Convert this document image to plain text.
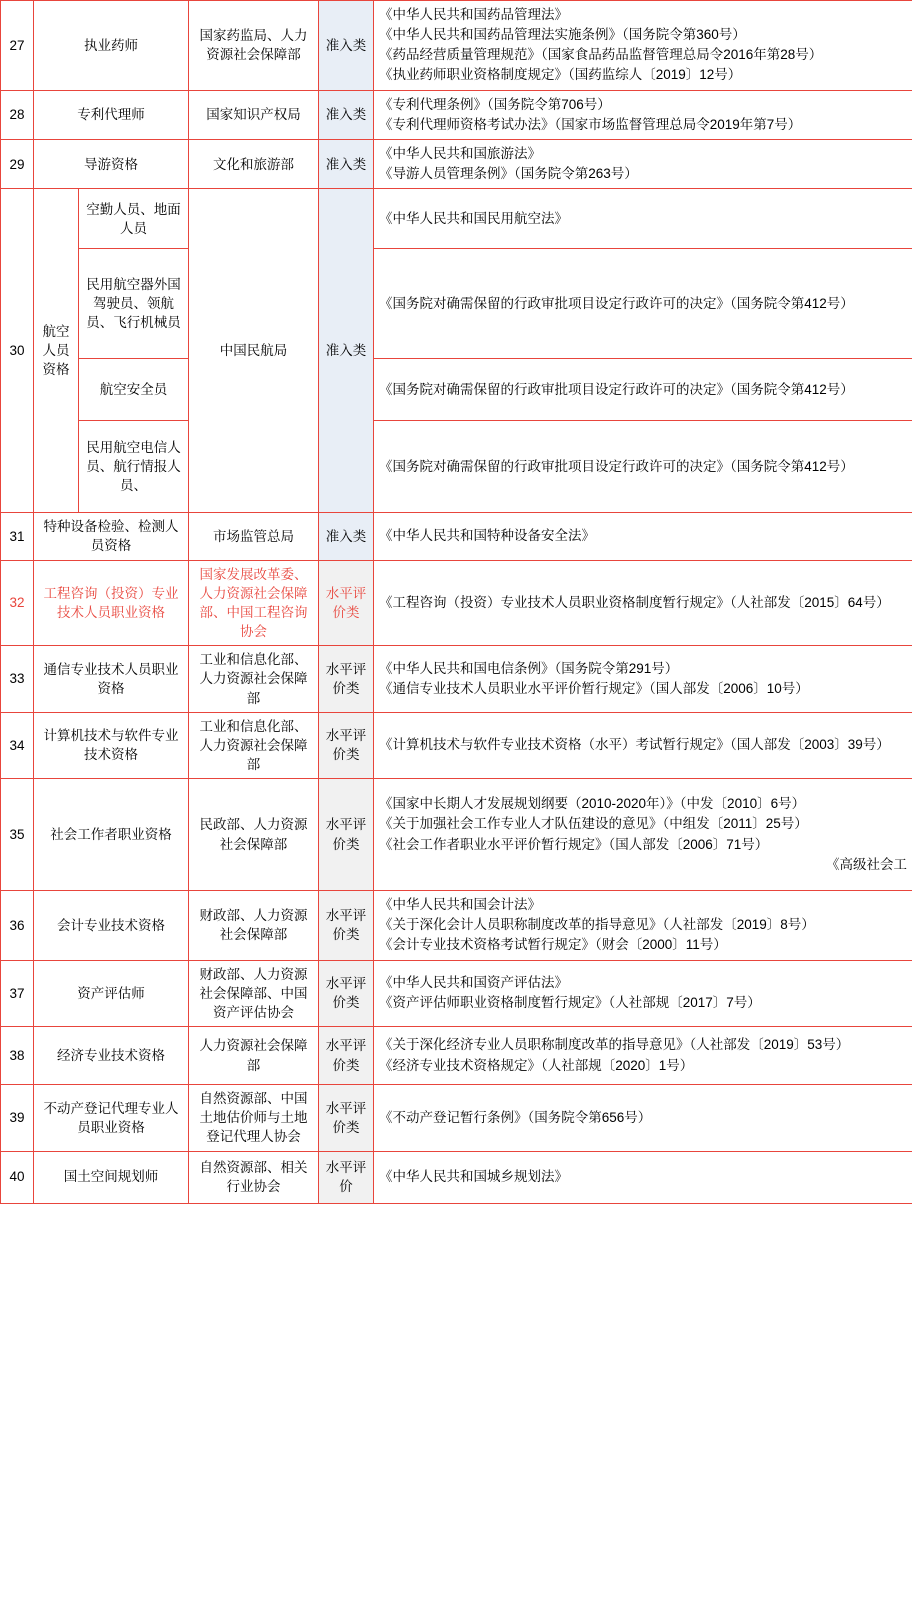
27	执业药师		国家药监局、人力资源社会保障部	准入类	《中华人民共和国药品管理法》

《中华人民共和国药品管理法实施条例》（国务院令第360号）

《药品经营质量管理规范》（国家食品药品监督管理总局令2016年第28号）

《执业药师职业资格制度规定》（国药监综人〔2019〕12号）

28	专利代理师		国家知识产权局	准入类	《专利代理条例》（国务院令第706号）

《专利代理师资格考试办法》（国家市场监督管理总局令2019年第7号）

29	导游资格		文化和旅游部	准入类	《中华人民共和国旅游法》

《导游人员管理条例》（国务院令第263号）

30	航空人员资格	空勤人员、地面人员	中国民航局	准入类	《中华人民共和国民用航空法》

		民用航空器外国驾驶员、领航员、飞行机械员			《国务院对确需保留的行政审批项目设定行政许可的决定》（国务院令第412号）

		航空安全员			《国务院对确需保留的行政审批项目设定行政许可的决定》（国务院令第412号）

		民用航空电信人员、航行情报人员、			《国务院对确需保留的行政审批项目设定行政许可的决定》（国务院令第412号）

31	特种设备检验、检测人员资格		市场监管总局	准入类	《中华人民共和国特种设备安全法》

32	工程咨询（投资）专业技术人员职业资格		国家发展改革委、人力资源社会保障部、中国工程咨询协会	水平评价类	《工程咨询（投资）专业技术人员职业资格制度暂行规定》（人社部发〔2015〕64号）

33	通信专业技术人员职业资格		工业和信息化部、人力资源社会保障部	水平评价类	《中华人民共和国电信条例》（国务院令第291号）

《通信专业技术人员职业水平评价暂行规定》（国人部发〔2006〕10号）

34	计算机技术与软件专业技术资格		工业和信息化部、人力资源社会保障部	水平评价类	《计算机技术与软件专业技术资格（水平）考试暂行规定》（国人部发〔2003〕39号）

35	社会工作者职业资格		民政部、人力资源社会保障部	水平评价类	《国家中长期人才发展规划纲要（2010-2020年）》（中发〔2010〕6号）

《关于加强社会工作专业人才队伍建设的意见》（中组发〔2011〕25号）

《社会工作者职业水平评价暂行规定》（国人部发〔2006〕71号）

《高级社会工

36	会计专业技术资格		财政部、人力资源社会保障部	水平评价类	《中华人民共和国会计法》

《关于深化会计人员职称制度改革的指导意见》（人社部发〔2019〕8号）

《会计专业技术资格考试暂行规定》（财会〔2000〕11号）

37	资产评估师		财政部、人力资源社会保障部、中国资产评估协会	水平评价类	《中华人民共和国资产评估法》

《资产评估师职业资格制度暂行规定》（人社部规〔2017〕7号）

38	经济专业技术资格		人力资源社会保障部	水平评价类	《关于深化经济专业人员职称制度改革的指导意见》（人社部发〔2019〕53号）

《经济专业技术资格规定》（人社部规〔2020〕1号）

39	不动产登记代理专业人员职业资格		自然资源部、中国土地估价师与土地登记代理人协会	水平评价类	《不动产登记暂行条例》（国务院令第656号）

40	国土空间规划师		自然资源部、相关行业协会	水平评价	《中华人民共和国城乡规划法》
